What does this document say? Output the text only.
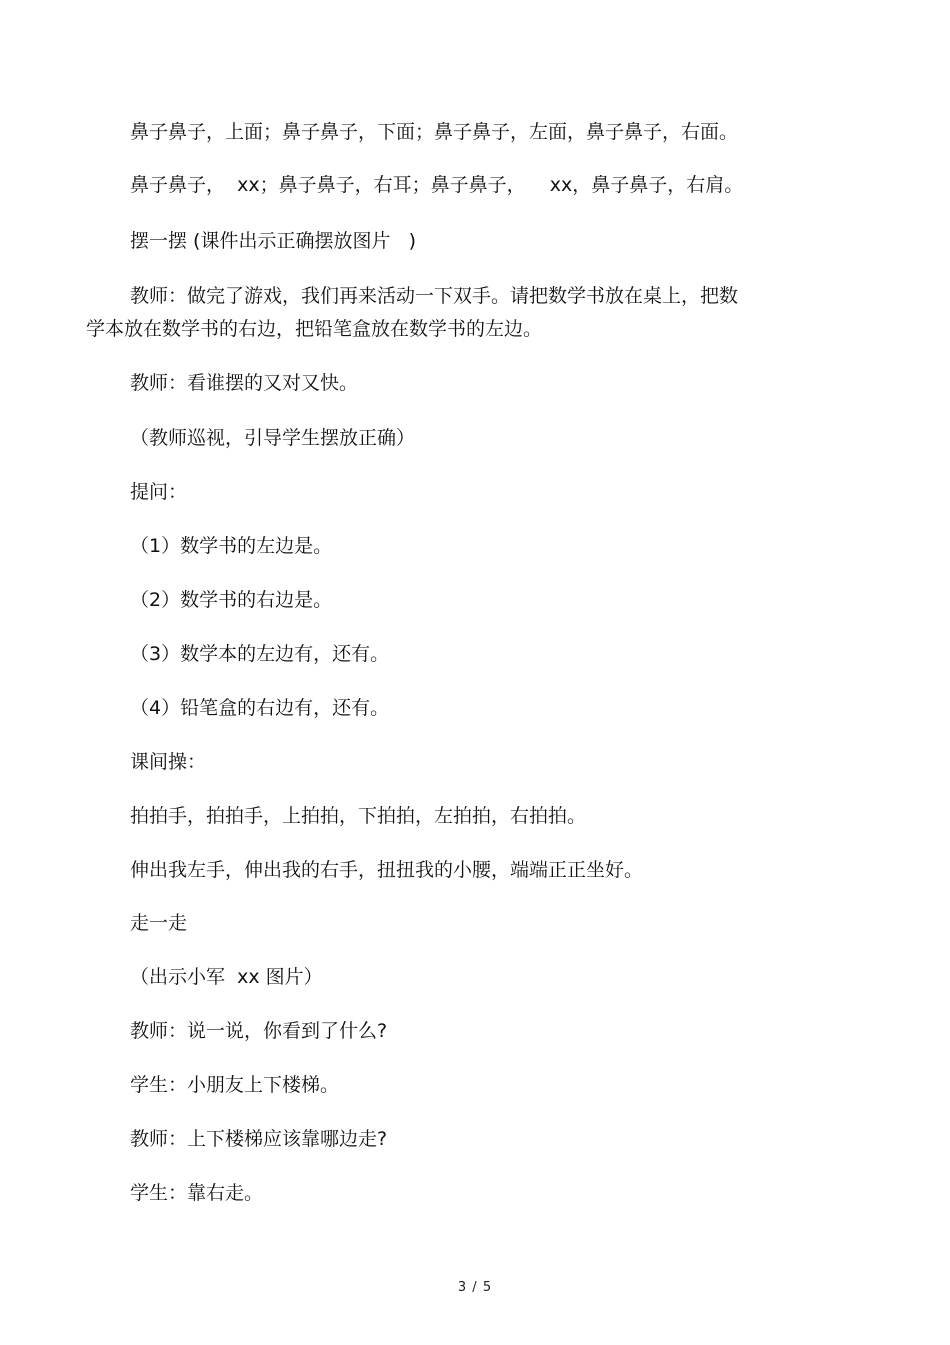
鼻子鼻子，上面；鼻子鼻子，下面；鼻子鼻子，左面，鼻子鼻子，右面。
鼻子鼻子，  xx；鼻子鼻子，右耳；鼻子鼻子，    xx，鼻子鼻子，右肩。
摆一摆 (课件出示正确摆放图片   )
教师：做完了游戏，我们再来活动一下双手。请把数学书放在桌上，把数
学本放在数学书的右边，把铅笔盒放在数学书的左边。
教师：看谁摆的又对又快。
（教师巡视，引导学生摆放正确）
提问：
（1）数学书的左边是。
（2）数学书的右边是。
（3）数学本的左边有，还有。
（4）铅笔盒的右边有，还有。
课间操：
拍拍手，拍拍手，上拍拍，下拍拍，左拍拍，右拍拍。
伸出我左手，伸出我的右手，扭扭我的小腰，端端正正坐好。
走一走
（出示小军  xx 图片）
教师：说一说，你看到了什么?
学生：小朋友上下楼梯。
教师：上下楼梯应该靠哪边走?
学生：靠右走。
3 / 5
